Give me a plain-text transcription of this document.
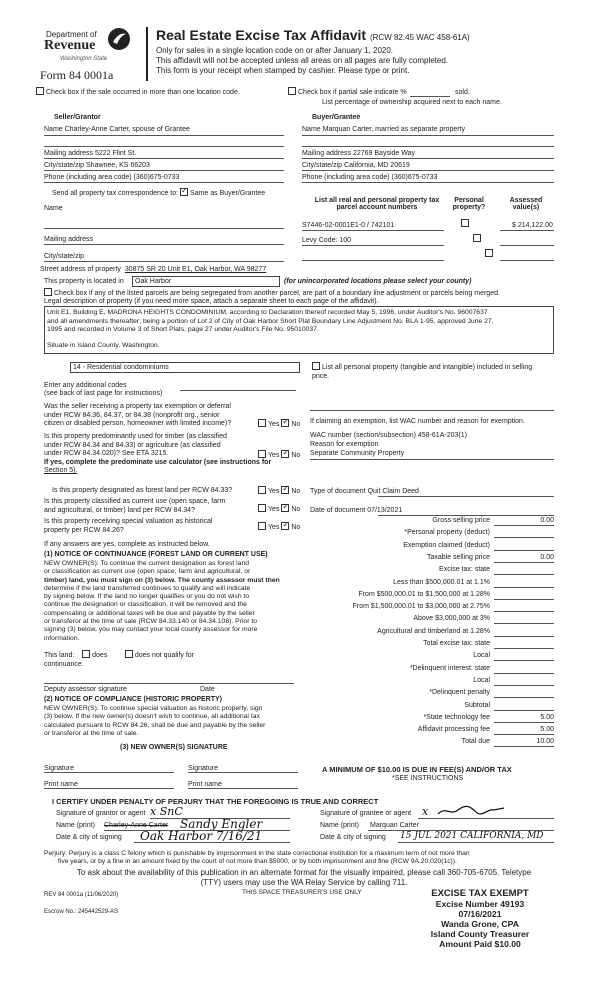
Department of
Revenue
Washington State
Form 84 0001a
Real Estate Excise Tax Affidavit (RCW 82.45 WAC 458-61A)
Only for sales in a single location code on or after January 1, 2020.
This affidavit will not be accepted unless all areas on all pages are fully completed.
This form is your receipt when stamped by cashier. Please type or print.
Check box if the sale occurred in more than one location code.	Check box if partial sale indicate %	sold.
List percentage of ownership acquired next to each name.
Seller/Grantor
Name Charley-Anne Carter, spouse of Grantee
Mailing address 5222 Flint St.
City/state/zip Shawnee, KS 66203
Phone (including area code) (360)675-0733
Buyer/Grantee
Name Marquan Carter, married as separate property
Mailing address 22769 Bayside Way
City/state/zip California, MD 20619
Phone (including area code) (360)675-0733
Send all property tax correspondence to: ✓ Same as Buyer/Grantee
Name
Mailing address
City/state/zip
List all real and personal property tax
parcel account numbers
Personal
property?
Assessed
value(s)
S7446-02-0001E1-0 / 742101
	$ 214,122.00
Levy Code: 100

Street address of property 30875 SR 20 Unit E1, Oak Harbor, WA 98277
This property is located in	Oak Harbor	(for unincorporated locations please select your county)
Check box if any of the listed parcels are being segregated from another parcel, are part of a boundary line adjustment or parcels being merged.
Legal description of property (if you need more space, attach a separate sheet to each page of the affidavit).
Unit E1, Building E, MADRONA HEIGHTS CONDOMINIUM, according to Declaration thereof recorded May 5, 1996, under Auditor's No. 96007637
and all amendments thereafter; being a portion of Lot 2 of City of Oak Harbor Short Plat Boundary Line Adjustment No. BLA 1-95, approved June 27,
1995 and recorded in Volume 3 of Short Plats, page 27 under Auditor's File No. 95010037.
Situate in Island County, Washington.
14 - Residential condominiums
Enter any additional codes
(see back of last page for instructions)
Was the seller receiving a property tax exemption or deferral
under RCW 84.36, 84.37, or 84.38 (nonprofit org., senior
citizen or disabled person, homeowner with limited income)?	Yes ✓ No
Is this property predominantly used for timber (as classified
under RCW 84.34 and 84.33) or agriculture (as classified
under RCW 84.34.020)? See ETA 3215.
If yes, complete the predominate use calculator (see instructions for
Section 5).
Yes ✓ No
Is this property designated as forest land per RCW 84.33?	Yes ✓ No
Is this property classified as current use (open space, farm
and agricultural, or timber) land per RCW 84.34?	Yes ✓ No
Is this property receiving special valuation as historical
property per RCW 84.26?	Yes ✓ No
If any answers are yes, complete as instructed below.
(1) NOTICE OF CONTINUANCE (FOREST LAND OR CURRENT USE)
NEW OWNER(S): To continue the current designation as forest land
or classification as current use (open space, farm and agricultural, or
timber) land, you must sign on (3) below. The county assessor must then
determine if the land transferred continues to qualify and will indicate
by signing below. If the land no longer qualifies or you do not wish to
continue the designation or classification, it will be removed and the
compensating or additional taxes will be due and payable by the seller
or transferor at the time of sale (RCW 84.33.140 or 84.34.108). Prior to
signing (3) below, you may contact your local county assessor for more
information.
This land:	does	does not qualify for
continuance.
Deputy assessor signature	Date
(2) NOTICE OF COMPLIANCE (HISTORIC PROPERTY)
NEW OWNER(S): To continue special valuation as historic property, sign
(3) below. If the new owner(s) doesn't wish to continue, all additional tax
calculated pursuant to RCW 84.26, shall be due and payable by the seller
or transferor at the time of sale.
(3) NEW OWNER(S) SIGNATURE
Signature	Signature
Print name	Print name
List all personal property (tangible and intangible) included in selling
price.
If claiming an exemption, list WAC number and reason for exemption.
WAC number (section/subsection) 458-61A-203(1)
Reason for exemption
Separate Community Property
Type of document Quit Claim Deed
Date of document 07/13/2021
Gross selling price	0.00
*Personal property (deduct)
Exemption claimed (deduct)
Taxable selling price	0.00
Excise tax: state
Less than $500,000.01 at 1.1%
From $500,000.01 to $1,500,000 at 1.28%
From $1,500,000.01 to $3,000,000 at 2.75%
Above $3,000,000 at 3%
Agricultural and timberland at 1.28%
Total excise tax: state
Local
*Delinquent interest: state
Local
*Delinquent penalty
Subtotal
*State technology fee	5.00
Affidavit processing fee	5.00
Total due	10.00
A MINIMUM OF $10.00 IS DUE IN FEE(S) AND/OR TAX
*SEE INSTRUCTIONS
I CERTIFY UNDER PENALTY OF PERJURY THAT THE FOREGOING IS TRUE AND CORRECT
Signature of grantor or agent x SnC
Name (print) Charley-Anne Carter Sandy Engler
Date & city of signing Oak Harbor 7/16/21
Signature of grantee or agent x
Name (print) Marquan Carter
Date & city of signing 15 JUL 2021 CALIFORNIA, MD
Perjury: Perjury is a class C felony which is punishable by imprisonment in the state correctional institution for a maximum term of not more than
five years, or by a fine in an amount fixed by the court of not more than $5000, or by both imprisonment and fine (RCW 9A.20.020(1c)).
To ask about the availability of this publication in an alternate format for the visually impaired, please call 360-705-6705. Teletype
(TTY) users may use the WA Relay Service by calling 711.
REV 84 0001a (11/06/2020)	THIS SPACE TREASURER'S USE ONLY
Escrow No.: 245442529-AS
EXCISE TAX EXEMPT
Excise Number 49193
07/16/2021
Wanda Grone, CPA
Island County Treasurer
Amount Paid $10.00
